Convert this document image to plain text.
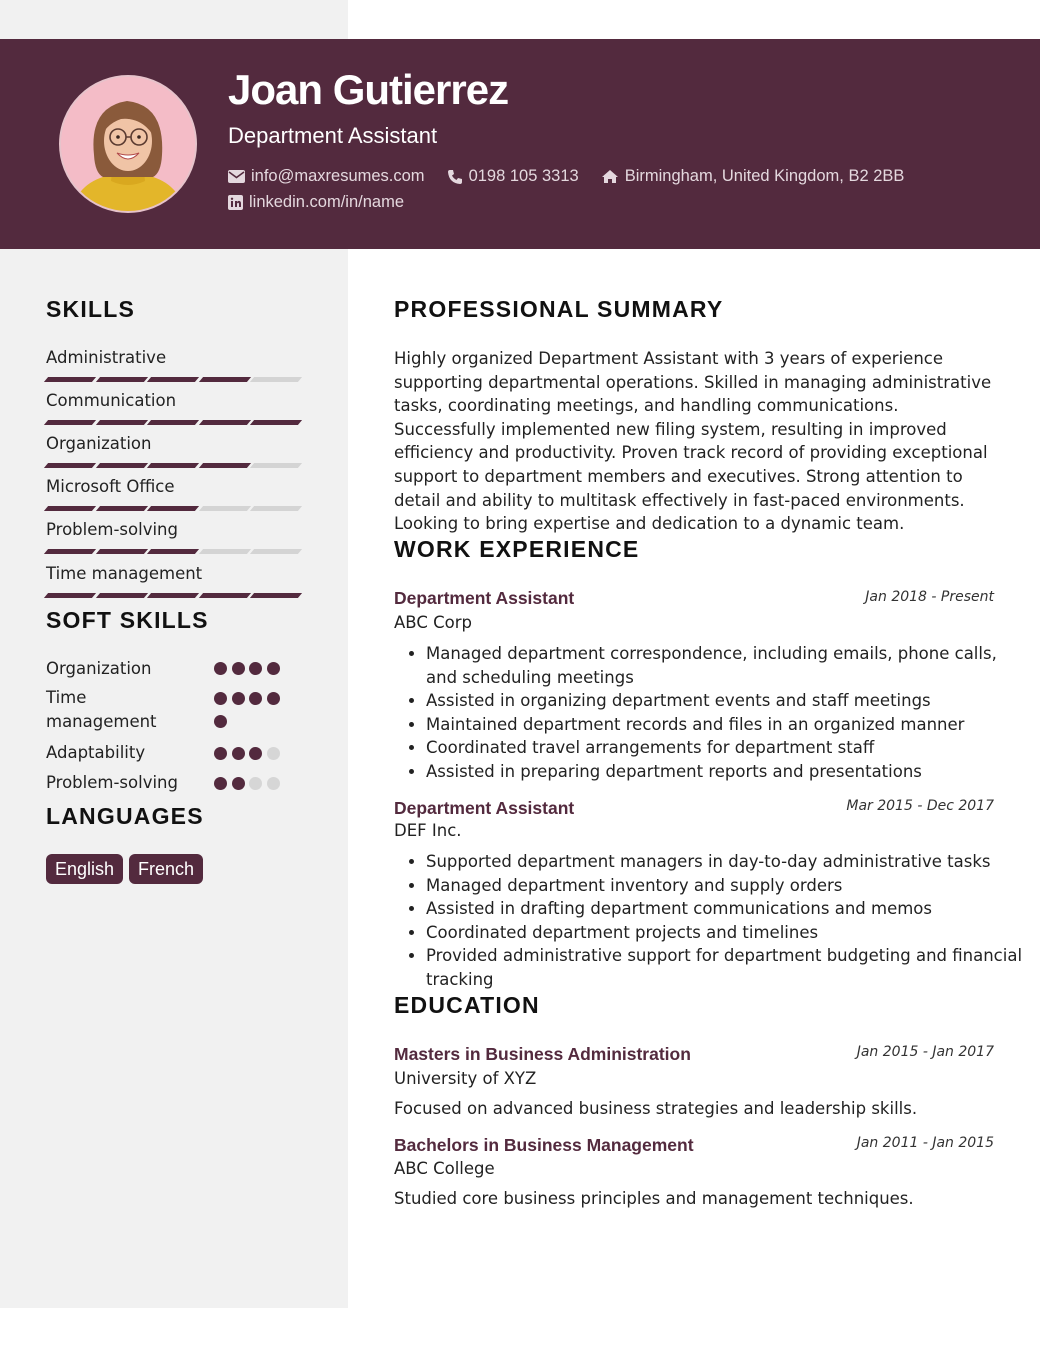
Joan Gutierrez
Department Assistant
info@maxresumes.com	0198 105 3313	Birmingham, United Kingdom, B2 2BB
linkedin.com/in/name
SKILLS
Administrative
Communication
Organization
Microsoft Office
Problem-solving
Time management
SOFT SKILLS
Organization
Time management
Adaptability
Problem-solving
LANGUAGES
English	French
PROFESSIONAL SUMMARY

Highly organized Department Assistant with 3 years of experience supporting departmental operations. Skilled in managing administrative tasks, coordinating meetings, and handling communications. Successfully implemented new filing system, resulting in improved efficiency and productivity. Proven track record of providing exceptional support to department members and executives. Strong attention to detail and ability to multitask effectively in fast-paced environments. Looking to bring expertise and dedication to a dynamic team.

WORK EXPERIENCE
Department Assistant	Jan 2018 - Present
ABC Corp
• Managed department correspondence, including emails, phone calls, and scheduling meetings
• Assisted in organizing department events and staff meetings
• Maintained department records and files in an organized manner
• Coordinated travel arrangements for department staff
• Assisted in preparing department reports and presentations
Department Assistant	Mar 2015 - Dec 2017
DEF Inc.
• Supported department managers in day-to-day administrative tasks
• Managed department inventory and supply orders
• Assisted in drafting department communications and memos
• Coordinated department projects and timelines
• Provided administrative support for department budgeting and financial tracking
EDUCATION
Masters in Business Administration	Jan 2015 - Jan 2017
University of XYZ
Focused on advanced business strategies and leadership skills.
Bachelors in Business Management	Jan 2011 - Jan 2015
ABC College
Studied core business principles and management techniques.
